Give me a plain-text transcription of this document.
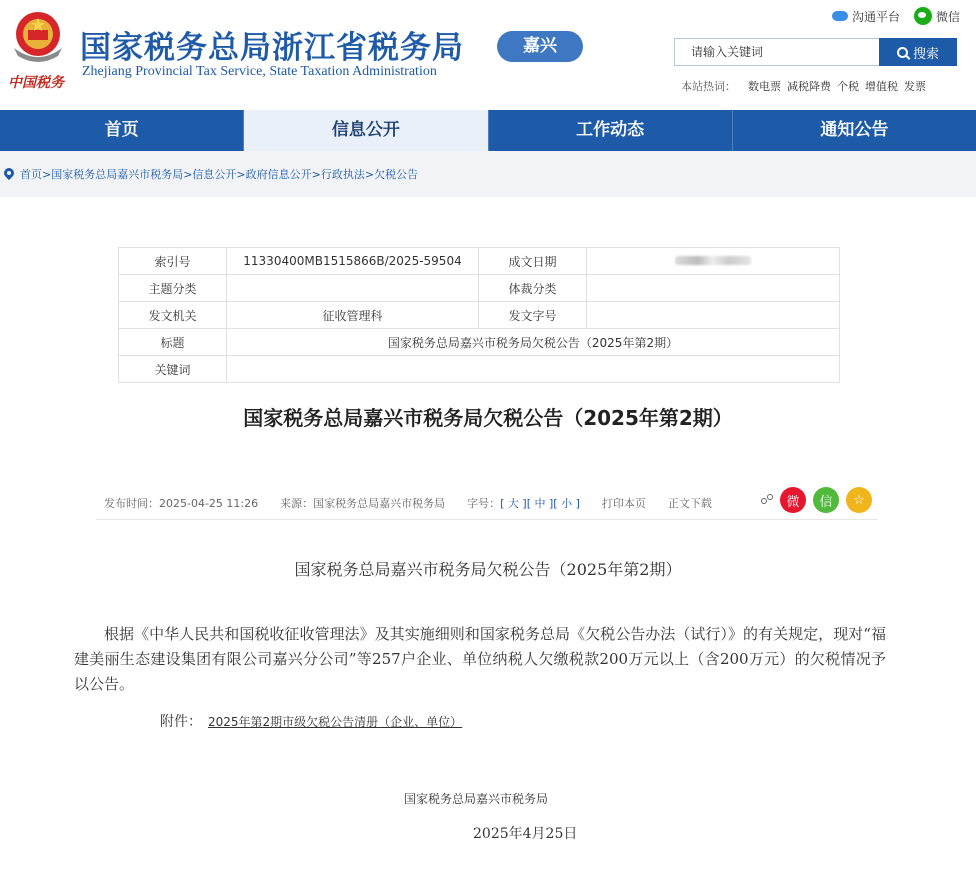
中国税务
国家税务总局浙江省税务局
Zhejiang Provincial Tax Service, State Taxation Administration
嘉兴
沟通平台	微信
请输入关键词	搜索
本站热词： 数电票 减税降费 个税 增值税 发票
首页	信息公开	工作动态	通知公告
首页>国家税务总局嘉兴市税务局>信息公开>政府信息公开>行政执法>欠税公告
索引号	11330400MB1515866B/2025-59504	成文日期	
主题分类		体裁分类	
发文机关	征收管理科	发文字号	
标题	国家税务总局嘉兴市税务局欠税公告（2025年第2期）		
关键词			
国家税务总局嘉兴市税务局欠税公告（2025年第2期）
发布时间：2025-04-25 11:26 来源：国家税务总局嘉兴市税务局 字号： [ 大 ] [ 中 ] [ 小 ] 打印本页 正文下载	微	信	☆
国家税务总局嘉兴市税务局欠税公告（2025年第2期）
根据《中华人民共和国税收征收管理法》及其实施细则和国家税务总局《欠税公告办法（试行）》的有关规定，现对“福建美丽生态建设集团有限公司嘉兴分公司”等257户企业、单位纳税人欠缴税款200万元以上（含200万元）的欠税情况予以公告。
附件： 2025年第2期市级欠税公告清册（企业、单位）
国家税务总局嘉兴市税务局
2025年4月25日
